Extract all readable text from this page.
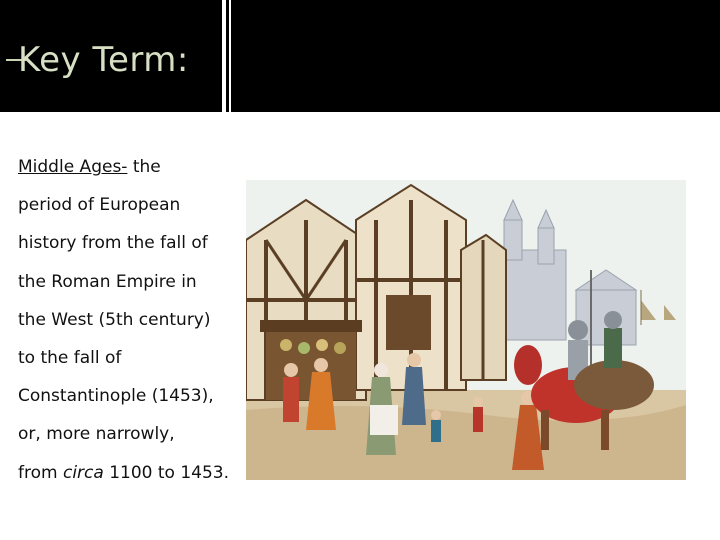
Key Term:
Middle Ages- the
period of European
history from the fall of
the Roman Empire in
the West (5th century)
to the fall of
Constantinople (1453),
or, more narrowly,
from circa 1100 to 1453.
